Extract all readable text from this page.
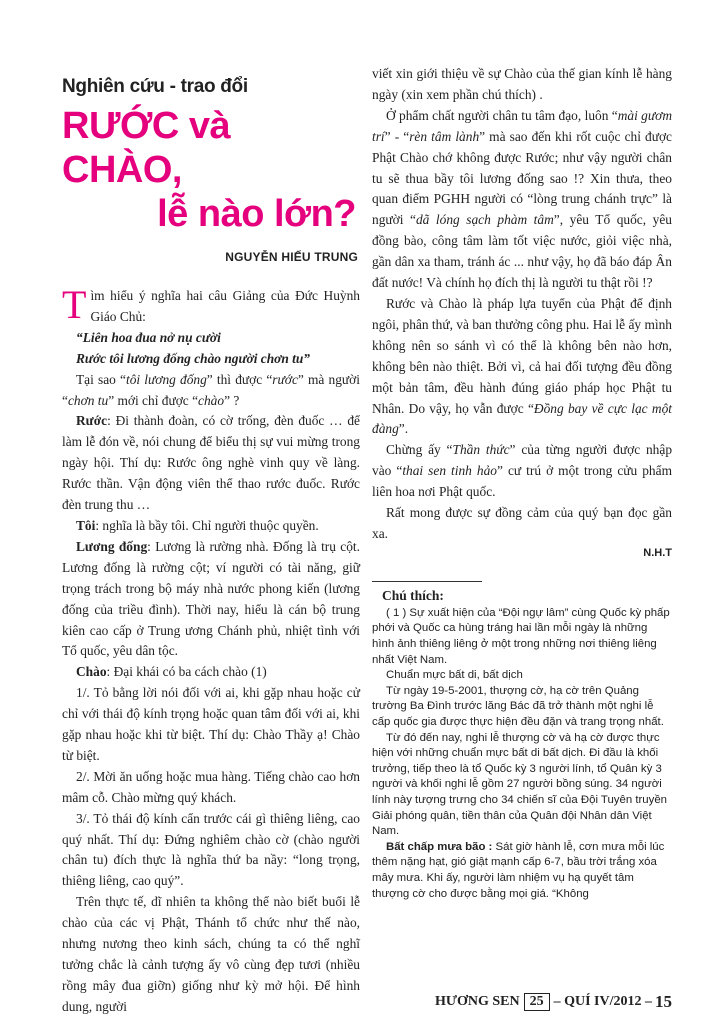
Nghiên cứu - trao đổi
RƯỚC và CHÀO,
lễ nào lớn?
NGUYỄN HIẾU TRUNG

Tìm hiểu ý nghĩa hai câu Giảng của Đức Huỳnh Giáo Chủ:

“Liên hoa đua nở nụ cười

Rước tôi lương đống chào người chơn tu”

Tại sao “tôi lương đống” thì được “rước” mà người “chơn tu” mới chỉ được “chào” ?

Rước: Đi thành đoàn, có cờ trống, đèn đuốc … để làm lễ đón về, nói chung để biểu thị sự vui mừng trong ngày hội. Thí dụ: Rước ông nghè vinh quy về làng. Rước thần. Vận động viên thể thao rước đuốc. Rước đèn trung thu …

Tôi: nghĩa là bầy tôi. Chỉ người thuộc quyền.

Lương đống: Lương là rường nhà. Đống là trụ cột. Lương đống là rường cột; ví người có tài năng, giữ trọng trách trong bộ máy nhà nước phong kiến (lương đống của triều đình). Thời nay, hiểu là cán bộ trung kiên cao cấp ở Trung ương Chánh phủ, nhiệt tình với Tổ quốc, yêu dân tộc.

Chào: Đại khái có ba cách chào (1)

1/. Tỏ bằng lời nói đối với ai, khi gặp nhau hoặc cử chỉ với thái độ kính trọng hoặc quan tâm đối với ai, khi gặp nhau hoặc khi từ biệt. Thí dụ: Chào Thầy ạ! Chào từ biệt.

2/. Mời ăn uống hoặc mua hàng. Tiếng chào cao hơn mâm cỗ. Chào mừng quý khách.

3/. Tỏ thái độ kính cẩn trước cái gì thiêng liêng, cao quý nhất. Thí dụ: Đứng nghiêm chào cờ (chào người chân tu) đích thực là nghĩa thứ ba nầy: “long trọng, thiêng liêng, cao quý”.

Trên thực tế, dĩ nhiên ta không thể nào biết buổi lễ chào của các vị Phật, Thánh tổ chức như thế nào, nhưng nương theo kinh sách, chúng ta có thể nghĩ tưởng chắc là cảnh tượng ấy vô cùng đẹp tươi (nhiều rồng mây đua giỡn) giống như kỳ mở hội. Để hình dung, người

viết xin giới thiệu về sự Chào của thế gian kính lễ hàng ngày (xin xem phần chú thích) .

Ở phẩm chất người chân tu tâm đạo, luôn “mài gươm trí” - “rèn tâm lành” mà sao đến khi rốt cuộc chỉ được Phật Chào chớ không được Rước; như vậy người chân tu sẽ thua bầy tôi lương đống sao !? Xin thưa, theo quan điểm PGHH người có “lòng trung chánh trực” là người “dã lóng sạch phàm tâm”, yêu Tổ quốc, yêu đồng bào, công tâm làm tốt việc nước, giỏi việc nhà, gần dân xa tham, tránh ác ... như vậy, họ đã báo đáp Ân đất nước! Và chính họ đích thị là người tu thật rồi !?

Rước và Chào là pháp lựa tuyển của Phật để định ngôi, phân thứ, và ban thưởng công phu. Hai lễ ấy mình không nên so sánh vì có thể là không bên nào hơn, không bên nào thiệt. Bởi vì, cả hai đối tượng đều đồng một bản tâm, đều hành đúng giáo pháp học Phật tu Nhân. Do vậy, họ vẫn được “Đồng bay về cực lạc một đàng”.

Chừng ấy “Thần thức” của từng người được nhập vào “thai sen tinh hảo” cư trú ở một trong cửu phẩm liên hoa nơi Phật quốc.

Rất mong được sự đồng cảm của quý bạn đọc gần xa.

N.H.T
Chú thích:

( 1 ) Sự xuất hiện của “Đội ngự lâm” cùng Quốc kỳ phấp phới và Quốc ca hùng tráng hai lần mỗi ngày là những hình ảnh thiêng liêng ở một trong những nơi thiêng liêng nhất Việt Nam.

Chuẩn mực bất di, bất dịch

Từ ngày 19-5-2001, thượng cờ, hạ cờ trên Quảng trường Ba Đình trước lăng Bác đã trở thành một nghi lễ cấp quốc gia được thực hiện đều đặn và trang trọng nhất.

Từ đó đến nay, nghi lễ thượng cờ và hạ cờ được thực hiện với những chuẩn mực bất di bất dịch. Đi đầu là khối trưởng, tiếp theo là tổ Quốc kỳ 3 người lính, tổ Quân kỳ 3 người và khối nghi lễ gồm 27 người bồng súng. 34 người lính này tượng trưng cho 34 chiến sĩ của Đội Tuyên truyền Giải phóng quân, tiền thân của Quân đội Nhân dân Việt Nam.

Bất chấp mưa bão : Sát giờ hành lễ, cơn mưa mỗi lúc thêm nặng hạt, gió giật mạnh cấp 6-7, bầu trời trắng xóa mây mưa. Khi ấy, người làm nhiệm vụ hạ quyết tâm thượng cờ cho được bằng mọi giá. “Không

HƯƠNG SEN 25 – QUÍ IV/2012 – 15
